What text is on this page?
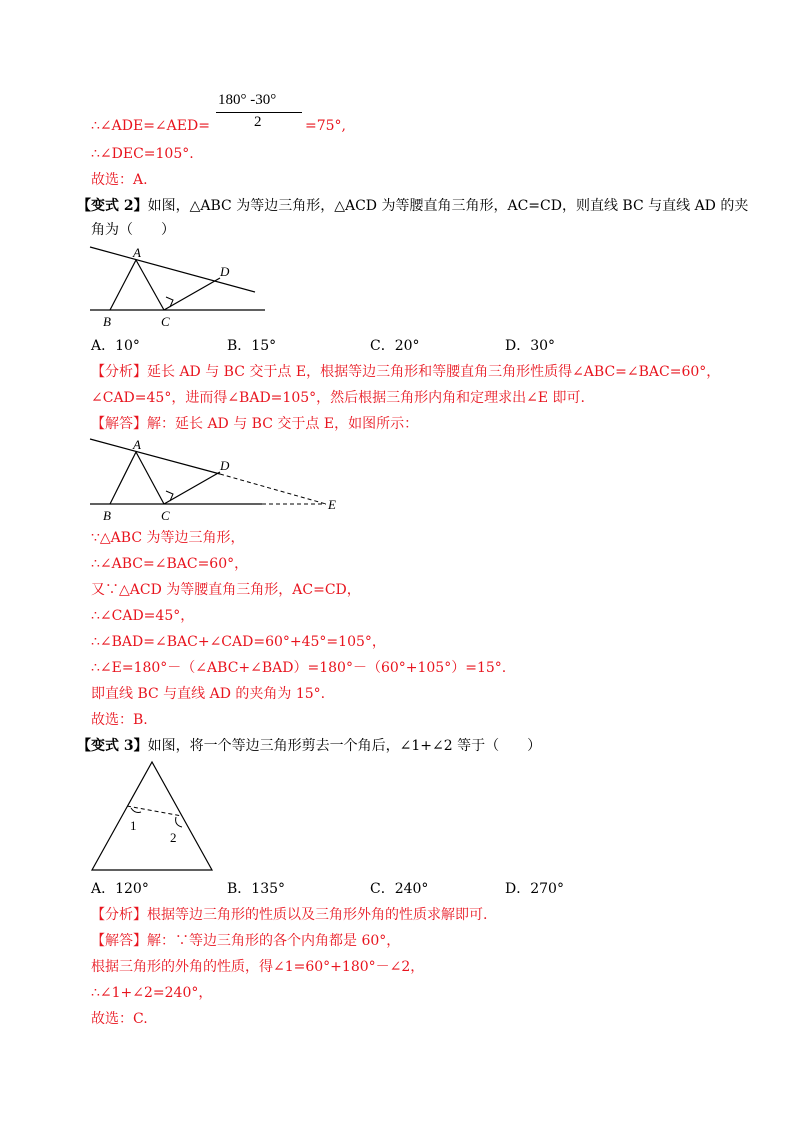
180° -30°
2
∴∠ADE=∠AED=	=75°,
∴∠DEC=105°.
故选：A.
【变式 2】如图，△ABC 为等边三角形，△ACD 为等腰直角三角形，AC=CD，则直线 BC 与直线 AD 的夹
角为（　　）
A
D
B	C
A．10°	B．15°	C．20°	D．30°
【分析】延长 AD 与 BC 交于点 E，根据等边三角形和等腰直角三角形性质得∠ABC=∠BAC=60°，
∠CAD=45°，进而得∠BAD=105°，然后根据三角形内角和定理求出∠E 即可.
【解答】解：延长 AD 与 BC 交于点 E，如图所示：
A
D
B	C
E
∵△ABC 为等边三角形，
∴∠ABC=∠BAC=60°，
又∵△ACD 为等腰直角三角形，AC=CD，
∴∠CAD=45°，
∴∠BAD=∠BAC+∠CAD=60°+45°=105°，
∴∠E=180°－（∠ABC+∠BAD）=180°－（60°+105°）=15°.
即直线 BC 与直线 AD 的夹角为 15°.
故选：B.
【变式 3】如图，将一个等边三角形剪去一个角后，∠1+∠2 等于（　　）
1
2
A．120°	B．135°	C．240°	D．270°
【分析】根据等边三角形的性质以及三角形外角的性质求解即可.
【解答】解：∵等边三角形的各个内角都是 60°，
根据三角形的外角的性质，得∠1=60°+180°－∠2，
∴∠1+∠2=240°，
故选：C.
